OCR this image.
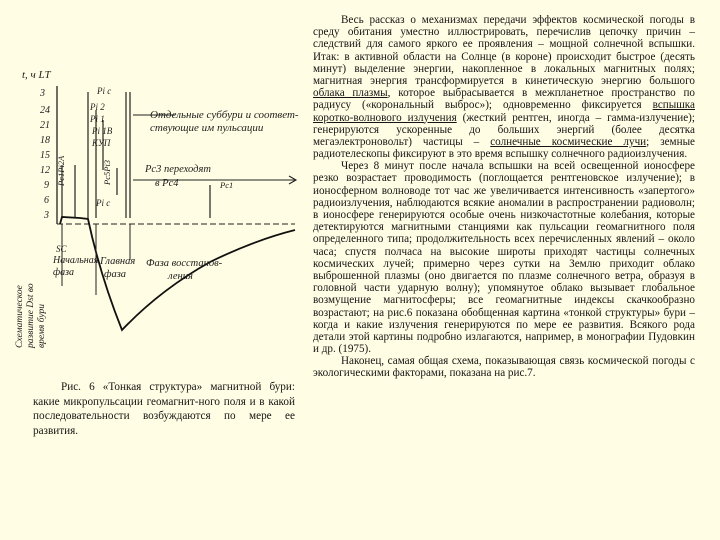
t, ч LT
3
24
21
18
15
12
9
6
3
Pi c
Pi 2
Pi 1
Pi 1B
КУП
Pi c
Pc1Pi2A	Pc5Pi3	Pc1
Отдельные суббури и соответ- ствующие им пульсации
Pc3 переходят в Pc4
SC
Начальная фаза
Главная фаза
Фаза восстанов- ления
Схематическое развитие Dst во время бури
Рис. 6 «Тонкая структура» магнитной бури: какие микропульсации геомагнит-ного поля и в какой последовательности возбуждаются по мере ее развития.

Весь рассказ о механизмах передачи эффектов космической погоды в среду обитания уместно иллюстрировать, перечислив цепочку причин – следствий для самого яркого ее проявления – мощной солнечной вспышки. Итак: в активной области на Солнце (в короне) происходит быстрое (десять минут) выделение энергии, накопленное в локальных магнитных полях; магнитная энергия трансформируется в кинетическую энергию большого облака плазмы, которое выбрасывается в межпланетное пространство по радиусу («корональный выброс»); одновременно фиксируется вспышка коротко-волнового излучения (жесткий рентген, иногда – гамма-излучение); генерируются ускоренные до больших энергий (более десятка мегаэлектроновольт) частицы – солнечные космические лучи; земные радиотелескопы фиксируют в это время вспышку солнечного радиоизлучения.

Через 8 минут после начала вспышки на всей освещенной ионосфере резко возрастает проводимость (поглощается рентгеновское излучение); в ионосферном волноводе тот час же увеличивается интенсивность «запертого» радиоизлучения, наблюдаются всякие аномалии в распространении радиоволн; в ионосфере генерируются особые очень низкочастотные колебания, которые детектируются магнитными станциями как пульсации геомагнитного поля определенного типа; продолжительность всех перечисленных явлений – около часа; спустя полчаса на высокие широты приходят частицы солнечных космических лучей; примерно через сутки на Землю приходит облако выброшенной плазмы (оно двигается по плазме солнечного ветра, образуя в головной части ударную волну); упомянутое облако вызывает глобальное возмущение магнитосферы; все геомагнитные индексы скачкообразно возрастают; на рис.6 показана обобщенная картина «тонкой структуры» бури – когда и какие излучения генерируются по мере ее развития. Всякого рода детали этой картины подробно излагаются, например, в монографии Пудовкин и др. (1975).

Наконец, самая общая схема, показывающая связь космической погоды с экологическими факторами, показана на рис.7.
